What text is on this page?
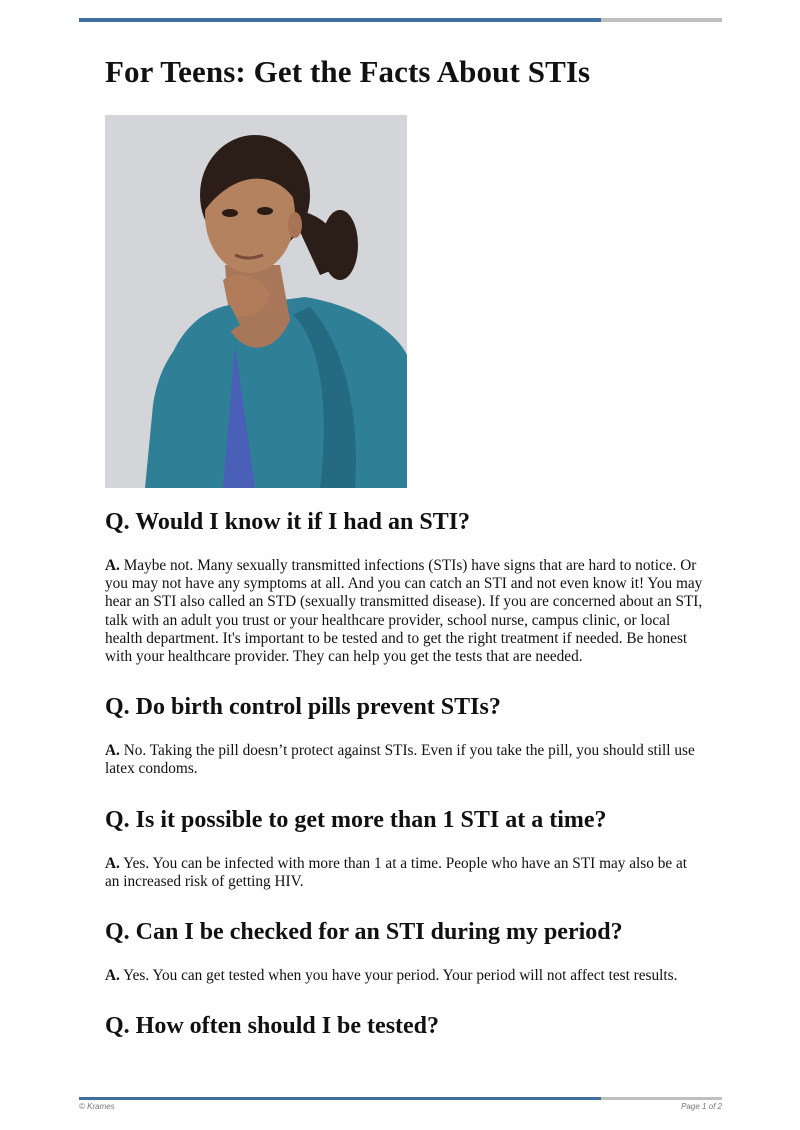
For Teens: Get the Facts About STIs
Q. Would I know it if I had an STI?

A. Maybe not. Many sexually transmitted infections (STIs) have signs that are hard to notice. Or you may not have any symptoms at all. And you can catch an STI and not even know it! You may hear an STI also called an STD (sexually transmitted disease). If you are concerned about an STI, talk with an adult you trust or your healthcare provider, school nurse, campus clinic, or local health department. It's important to be tested and to get the right treatment if needed. Be honest with your healthcare provider. They can help you get the tests that are needed.

Q. Do birth control pills prevent STIs?

A. No. Taking the pill doesn’t protect against STIs. Even if you take the pill, you should still use latex condoms.

Q. Is it possible to get more than 1 STI at a time?

A. Yes. You can be infected with more than 1 at a time. People who have an STI may also be at an increased risk of getting HIV.

Q. Can I be checked for an STI during my period?

A. Yes. You can get tested when you have your period. Your period will not affect test results.

Q. How often should I be tested?
© Krames	Page 1 of 2
